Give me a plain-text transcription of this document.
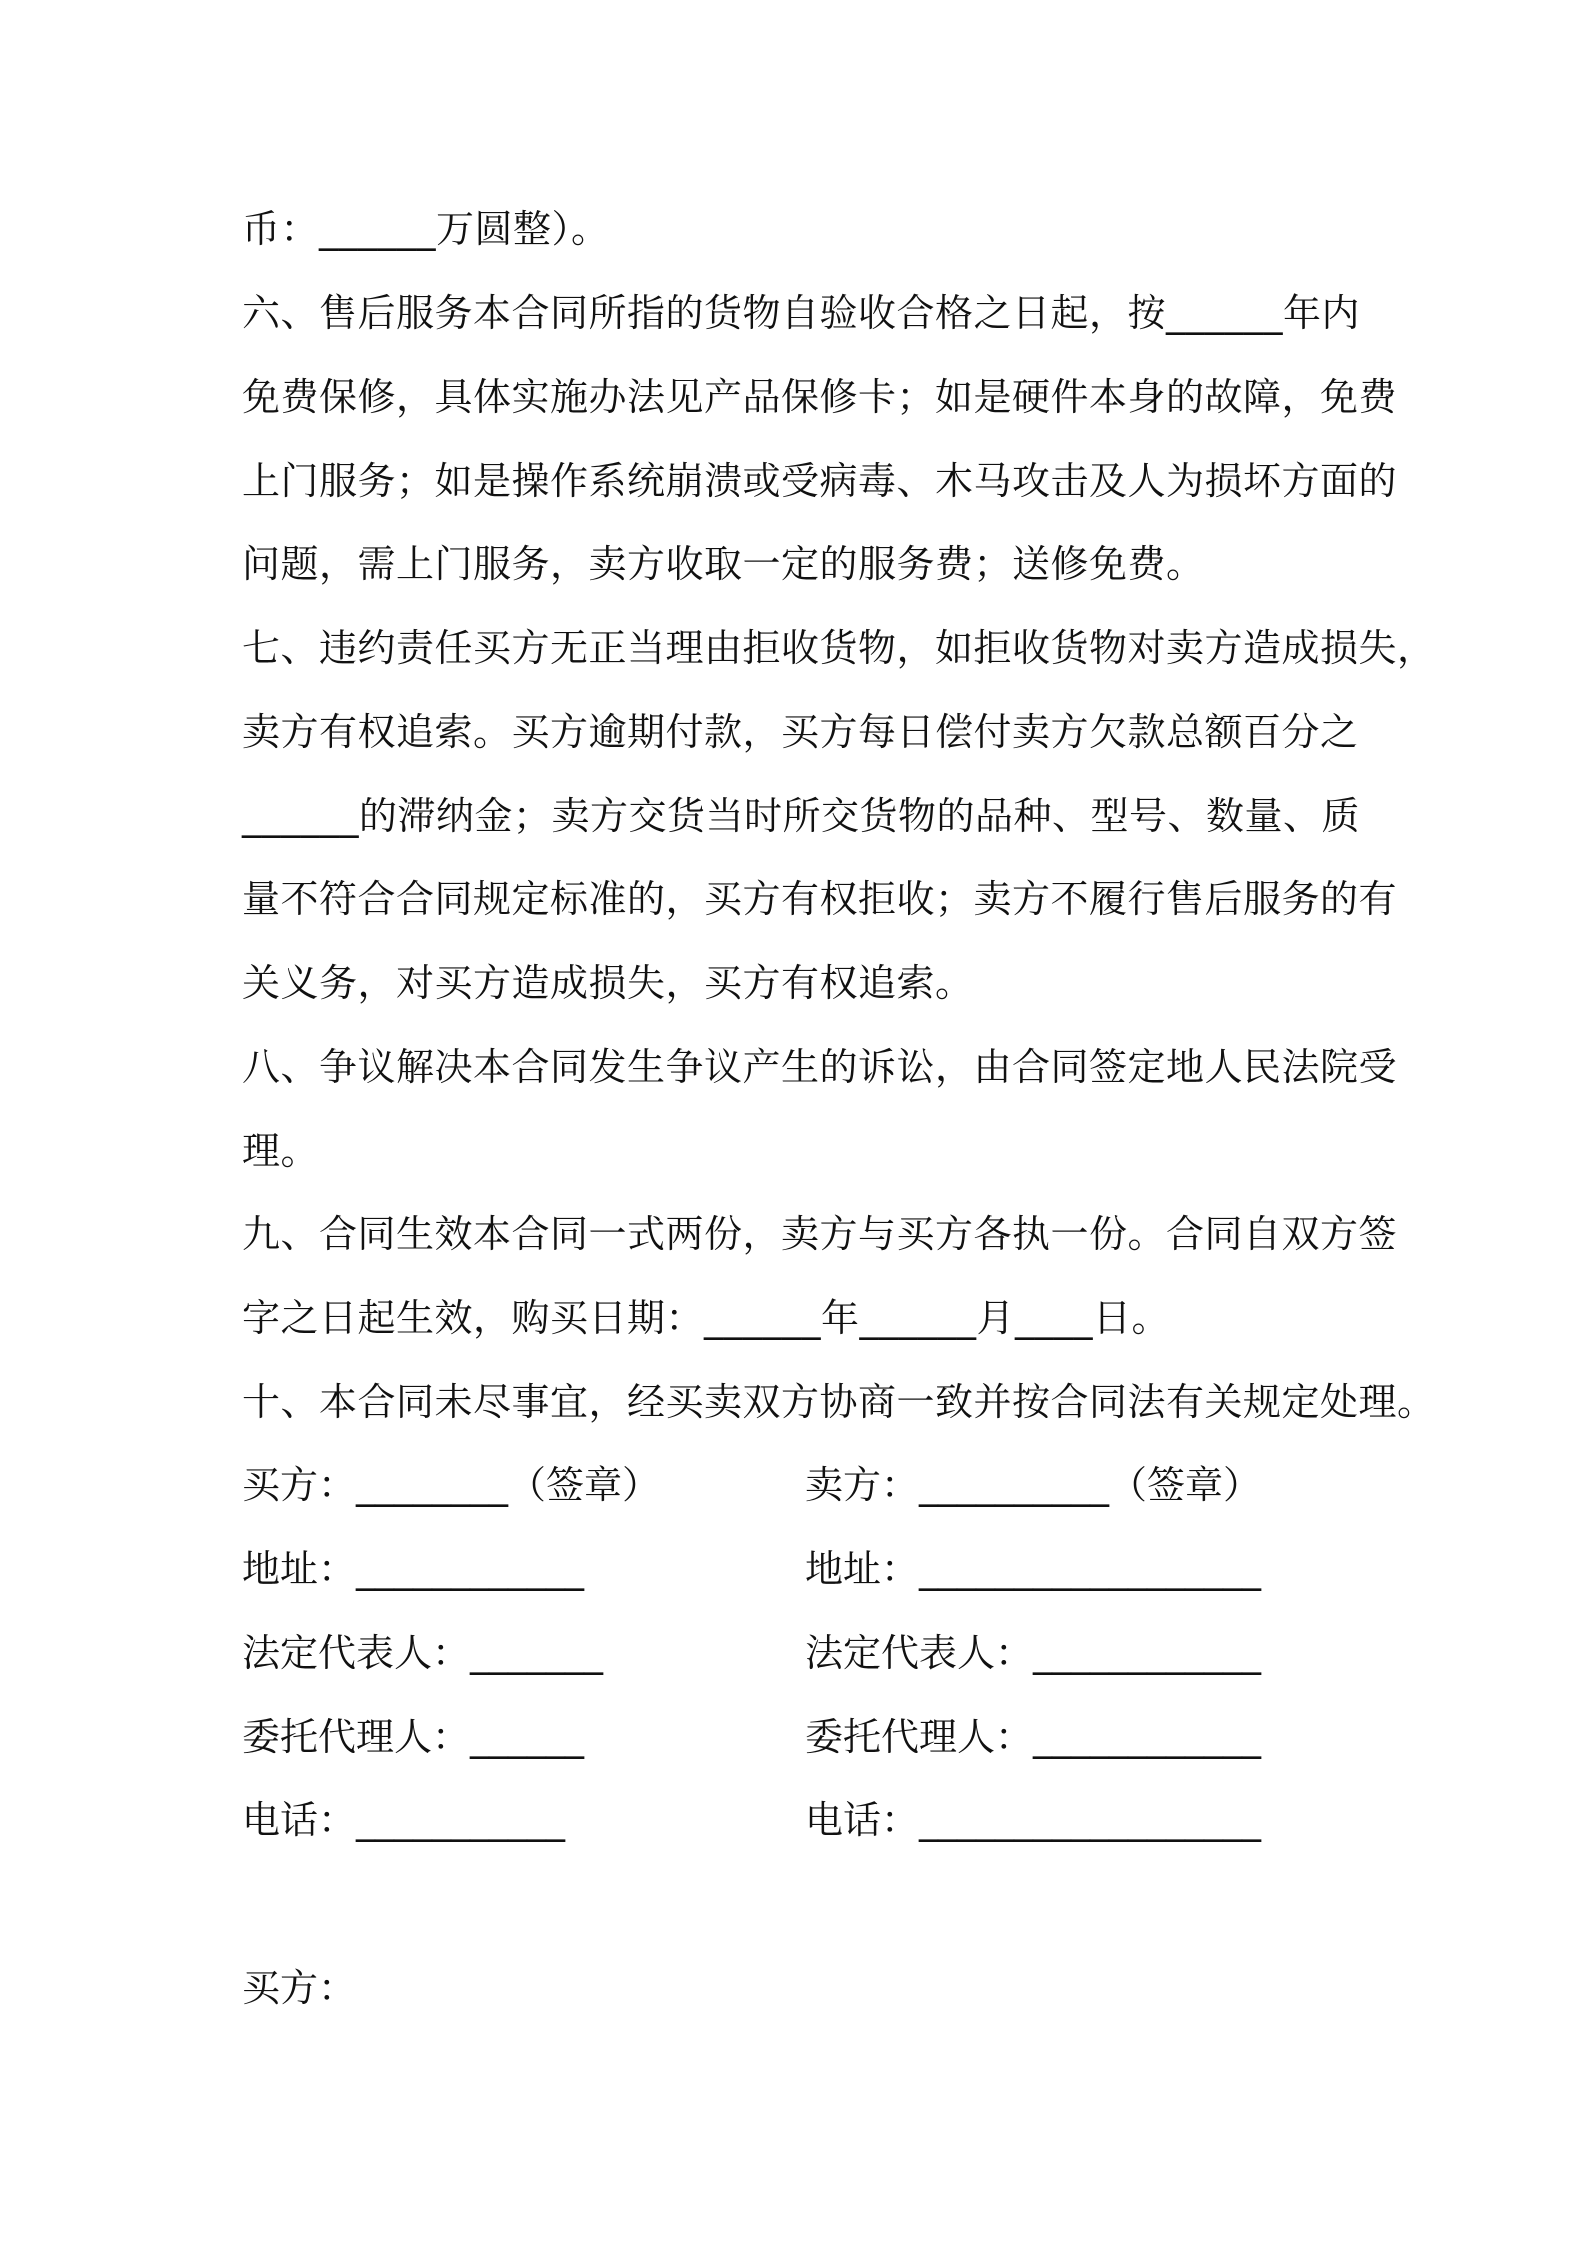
币：______万圆整）。
六、售后服务本合同所指的货物自验收合格之日起，按______年内
免费保修，具体实施办法见产品保修卡；如是硬件本身的故障，免费
上门服务；如是操作系统崩溃或受病毒、木马攻击及人为损坏方面的
问题，需上门服务，卖方收取一定的服务费；送修免费。
七、违约责任买方无正当理由拒收货物，如拒收货物对卖方造成损失，
卖方有权追索。买方逾期付款，买方每日偿付卖方欠款总额百分之
______的滞纳金；卖方交货当时所交货物的品种、型号、数量、质
量不符合合同规定标准的，买方有权拒收；卖方不履行售后服务的有
关义务，对买方造成损失，买方有权追索。
八、争议解决本合同发生争议产生的诉讼，由合同签定地人民法院受
理。
九、合同生效本合同一式两份，卖方与买方各执一份。合同自双方签
字之日起生效，购买日期：______年______月____日。
十、本合同未尽事宜，经买卖双方协商一致并按合同法有关规定处理。
买方：________（签章）	卖方：__________（签章）
地址：____________	地址：__________________
法定代表人：_______	法定代表人：____________
委托代理人：______	委托代理人：____________
电话：___________	电话：__________________
买方：
